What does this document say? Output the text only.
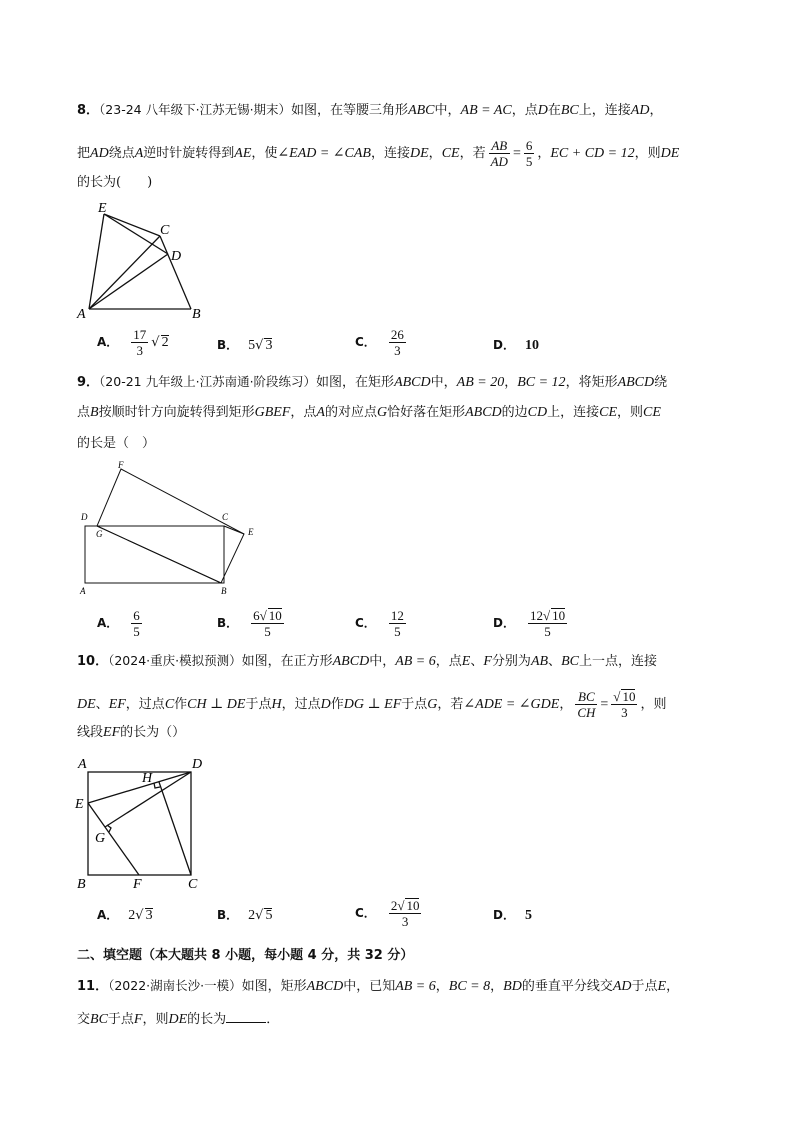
8．（23-24 八年级下·江苏无锡·期末）如图，在等腰三角形ABC中，AB = AC，点D在BC上，连接AD，
把AD绕点A逆时针旋转得到AE，使∠EAD = ∠CAB，连接DE，CE，若 $\frac{AB}{AD} = \frac{6}{5}$ ，EC + CD = 12，则DE
的长为(　　)
E
C
D
A	B
A． $\frac{17}{3}$ √ 2	B． 5√ 3	C． $\frac{26}{3}$	D． 10
9．（20-21 九年级上·江苏南通·阶段练习）如图，在矩形ABCD中，AB = 20，BC = 12，将矩形ABCD绕
点B按顺时针方向旋转得到矩形GBEF，点A的对应点G恰好落在矩形ABCD的边CD上，连接CE，则CE
的长是（　）
F
D
G
C
E
A	B
A． $\frac{6}{5}$	B． $\frac{6√ 10}{5}$	C． $\frac{12}{5}$	D． $\frac{12√ 10}{5}$
10．（2024·重庆·模拟预测）如图，在正方形ABCD中，AB = 6，点E、F分别为AB、BC上一点，连接
DE、EF，过点C作CH ⊥ DE于点H，过点D作DG ⊥ EF于点G，若∠ADE = ∠GDE， $\frac{BC}{CH} = \frac{√ 10}{3}$ ，则
线段EF的长为（）
A
H
D
E
G
B	F	C
A． 2√ 3	B． 2√ 5	C． $\frac{2√ 10}{3}$	D． 5
二、填空题（本大题共 8 小题，每小题 4 分，共 32 分）
11．（2022·湖南长沙·一模）如图，矩形ABCD中，已知AB = 6，BC = 8，BD的垂直平分线交AD于点E，
交BC于点F，则DE的长为	．
